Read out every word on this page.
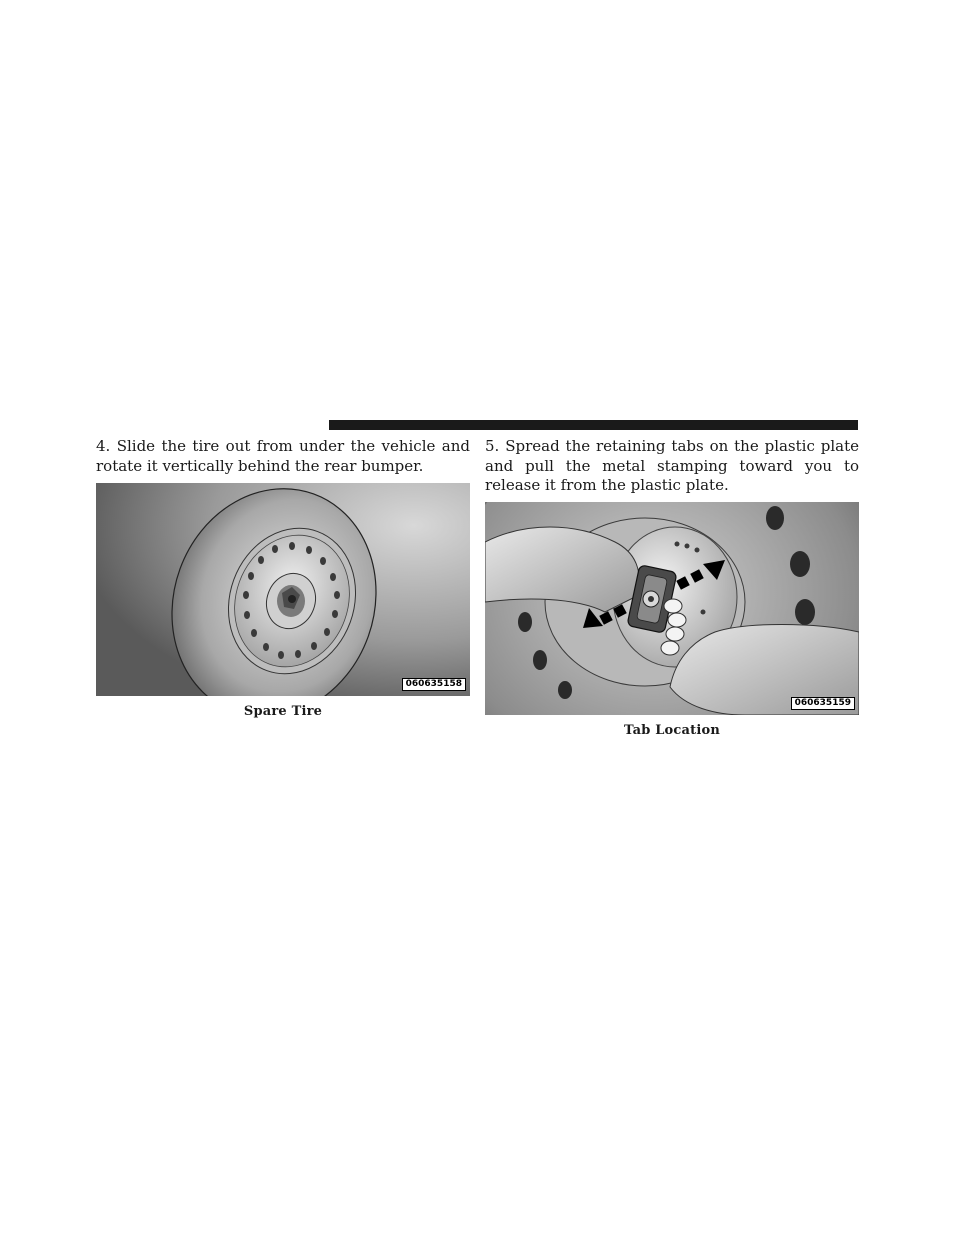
4. Slide the tire out from under the vehicle and rotate it vertically behind the rear bumper.

060635158
Spare Tire

5. Spread the retaining tabs on the plastic plate and pull the metal stamping toward you to release it from the plastic plate.

060635159
Tab Location
